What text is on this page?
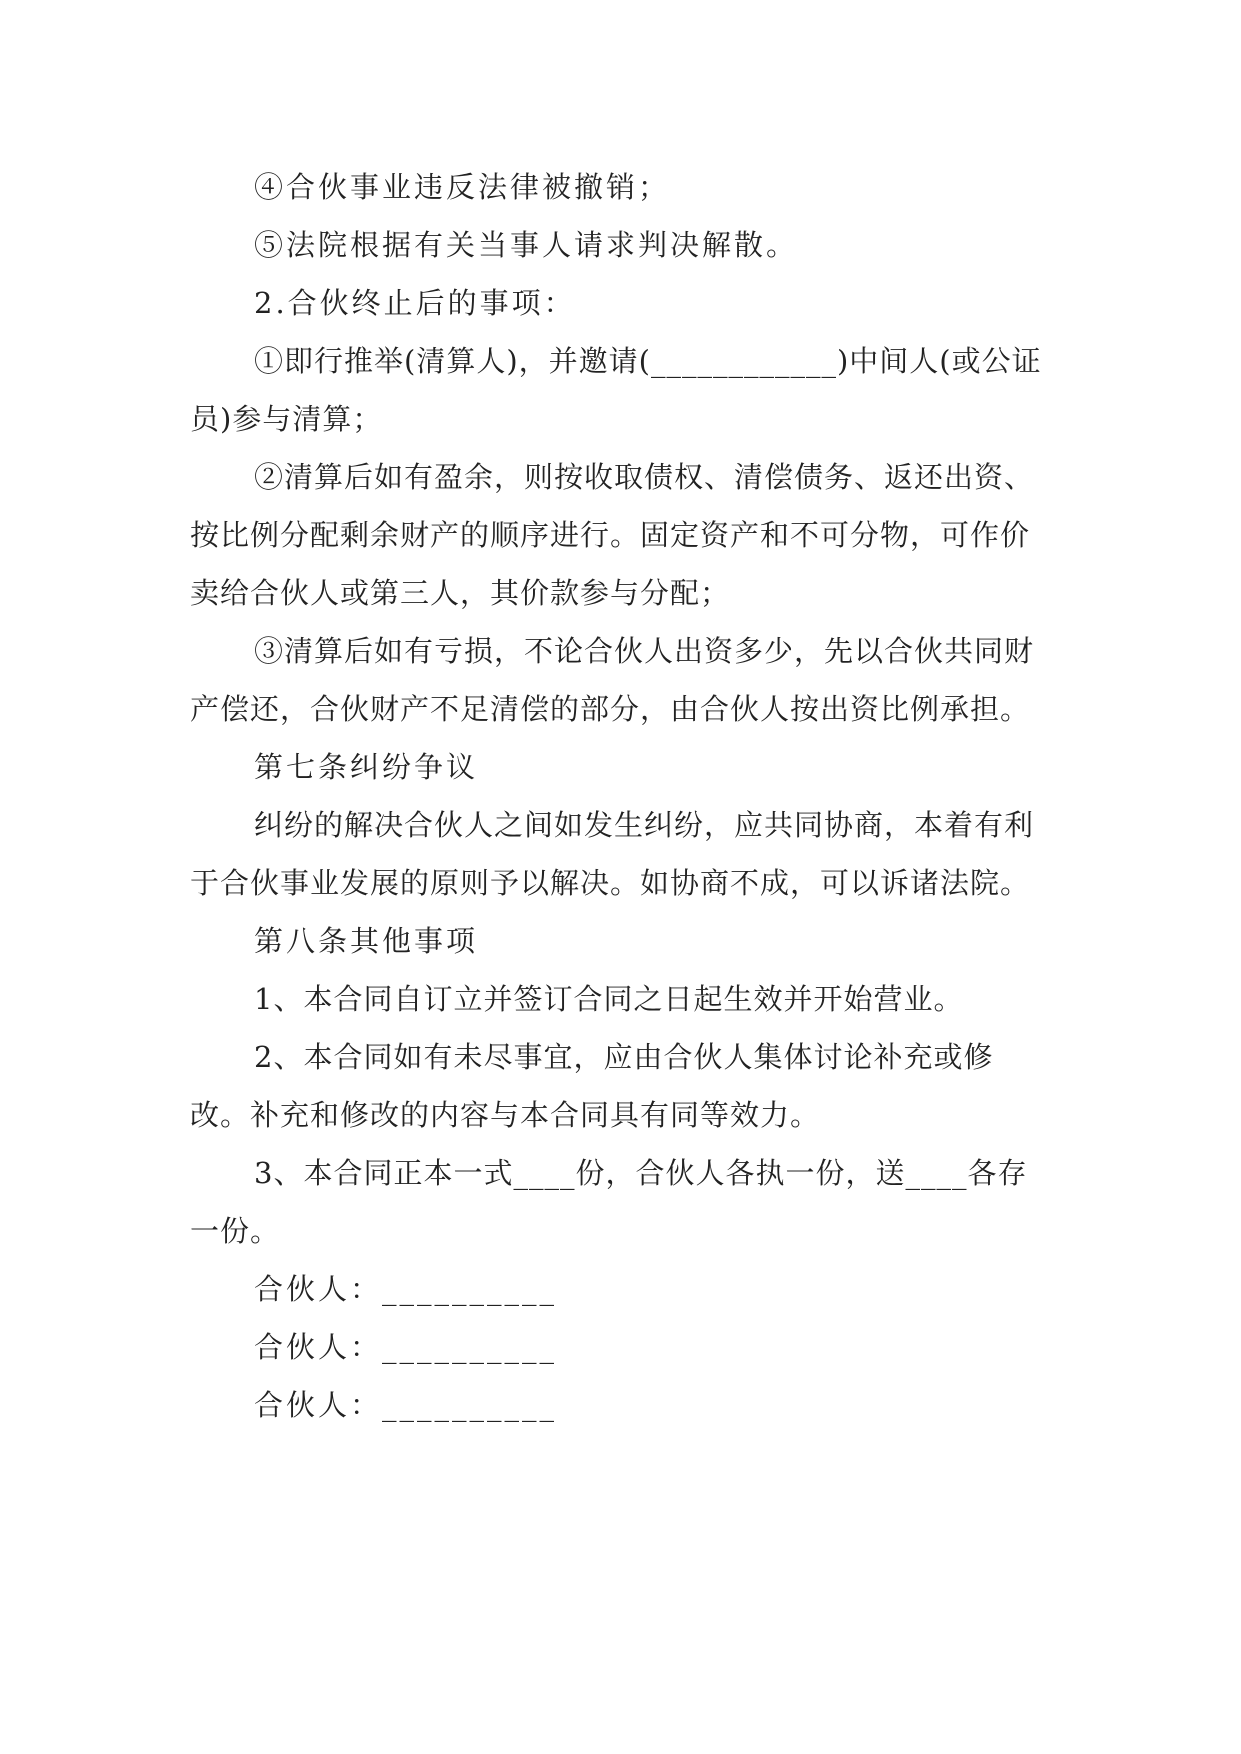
④合伙事业违反法律被撤销；

⑤法院根据有关当事人请求判决解散。

2.合伙终止后的事项：

①即行推举(清算人)，并邀请(____________)中间人(或公证员)参与清算；

②清算后如有盈余，则按收取债权、清偿债务、返还出资、按比例分配剩余财产的顺序进行。固定资产和不可分物，可作价卖给合伙人或第三人，其价款参与分配；

③清算后如有亏损，不论合伙人出资多少，先以合伙共同财产偿还，合伙财产不足清偿的部分，由合伙人按出资比例承担。

第七条纠纷争议

纠纷的解决合伙人之间如发生纠纷，应共同协商，本着有利于合伙事业发展的原则予以解决。如协商不成，可以诉诸法院。

第八条其他事项

1、本合同自订立并签订合同之日起生效并开始营业。

2、本合同如有未尽事宜，应由合伙人集体讨论补充或修改。补充和修改的内容与本合同具有同等效力。

3、本合同正本一式____份，合伙人各执一份，送____各存一份。

合伙人：__________

合伙人：__________

合伙人：__________
